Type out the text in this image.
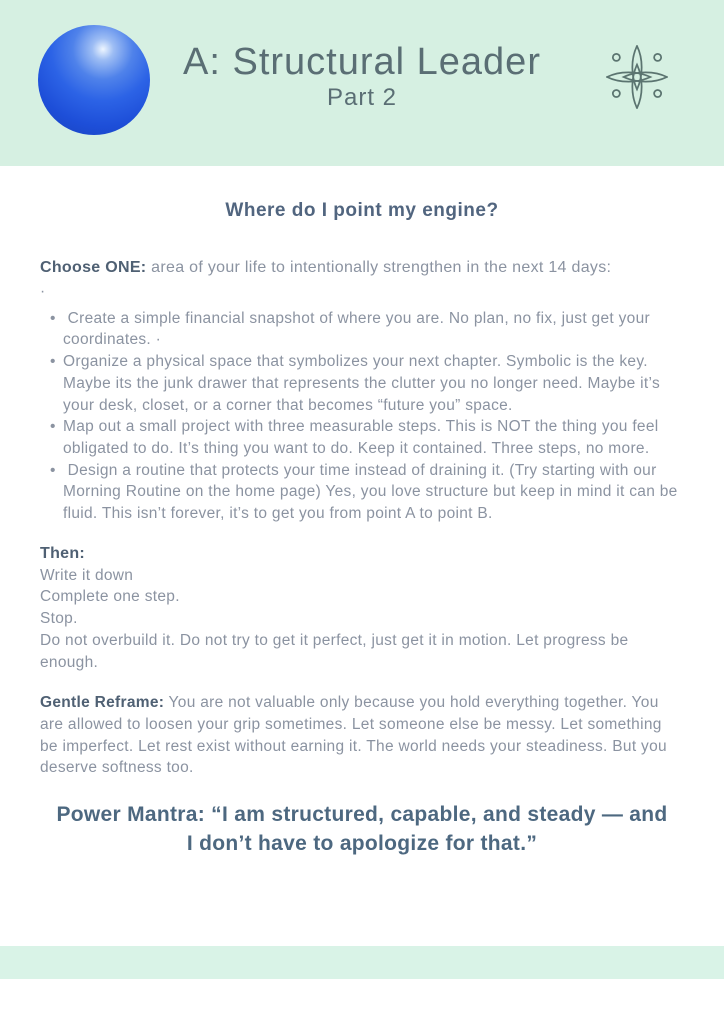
A: Structural Leader
Part 2
Where do I point my engine?

Choose ONE: area of your life to intentionally strengthen in the next 14 days:

·
• Create a simple financial snapshot of where you are. No plan, no fix, just get your coordinates. ·
• Organize a physical space that symbolizes your next chapter. Symbolic is the key. Maybe its the junk drawer that represents the clutter you no longer need. Maybe it’s your desk, closet, or a corner that becomes “future you” space.
• Map out a small project with three measurable steps. This is NOT the thing you feel obligated to do. It’s thing you want to do. Keep it contained. Three steps, no more.
• Design a routine that protects your time instead of draining it. (Try starting with our Morning Routine on the home page) Yes, you love structure but keep in mind it can be fluid. This isn’t forever, it’s to get you from point A to point B.

Then:

Write it down

Complete one step.

Stop.

Do not overbuild it. Do not try to get it perfect, just get it in motion. Let progress be enough.

Gentle Reframe: You are not valuable only because you hold everything together. You are allowed to loosen your grip sometimes. Let someone else be messy. Let something be imperfect. Let rest exist without earning it. The world needs your steadiness. But you deserve softness too.

Power Mantra: “I am structured, capable, and steady — and I don’t have to apologize for that.”
